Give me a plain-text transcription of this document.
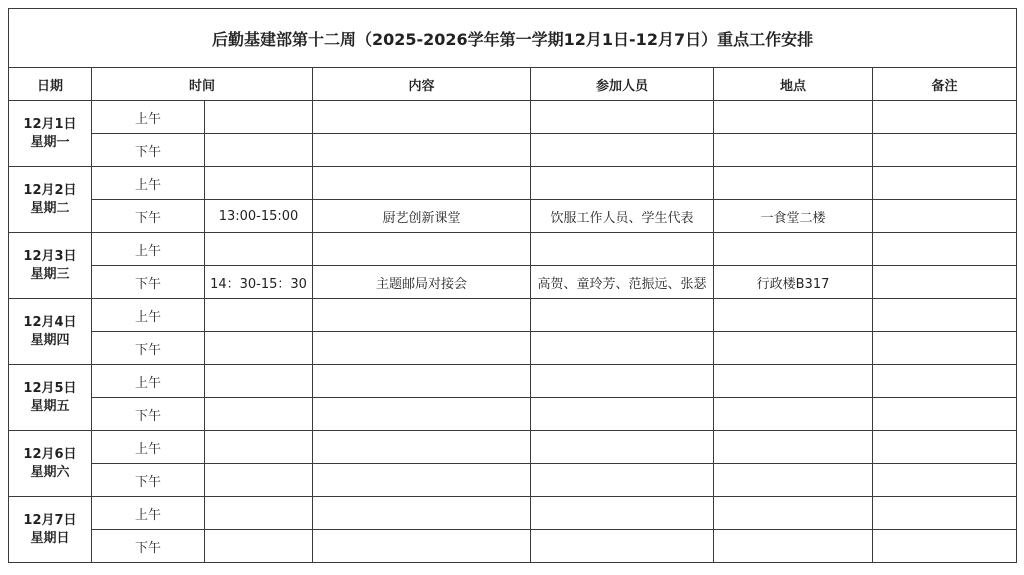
后勤基建部第十二周（2025-2026学年第一学期12月1日-12月7日）重点工作安排						
日期	时间		内容	参加人员	地点	备注

12月1日
星期一	上午					
	下午					

12月2日
星期二	上午					
	下午	13:00-15:00	厨艺创新课堂	饮服工作人员、学生代表	一食堂二楼	

12月3日
星期三	上午					
	下午	14：30-15：30	主题邮局对接会	高贺、童玲芳、范振远、张瑟	行政楼B317	

12月4日
星期四	上午					
	下午					

12月5日
星期五	上午					
	下午					

12月6日
星期六	上午					
	下午					

12月7日
星期日	上午					
	下午					
